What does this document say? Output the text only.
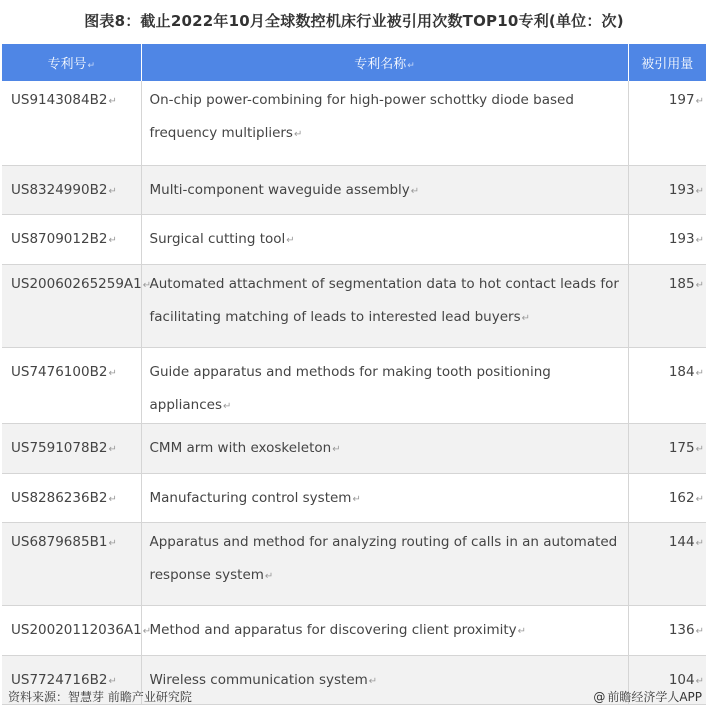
图表8：截止2022年10月全球数控机床行业被引用次数TOP10专利(单位：次)
专利号↵	专利名称↵	被引用量
US9143084B2↵	On-chip power-combining for high-power schottky diode based frequency multipliers↵	197↵
US8324990B2↵	Multi-component waveguide assembly↵	193↵
US8709012B2↵	Surgical cutting tool↵	193↵
US20060265259A1↵	Automated attachment of segmentation data to hot contact leads for facilitating matching of leads to interested lead buyers↵	185↵
US7476100B2↵	Guide apparatus and methods for making tooth positioning appliances↵	184↵
US7591078B2↵	CMM arm with exoskeleton↵	175↵
US8286236B2↵	Manufacturing control system↵	162↵
US6879685B1↵	Apparatus and method for analyzing routing of calls in an automated response system↵	144↵
US20020112036A1↵	Method and apparatus for discovering client proximity↵	136↵
US7724716B2↵	Wireless communication system↵	104↵
资料来源：智慧芽 前瞻产业研究院	@ 前瞻经济学人APP
